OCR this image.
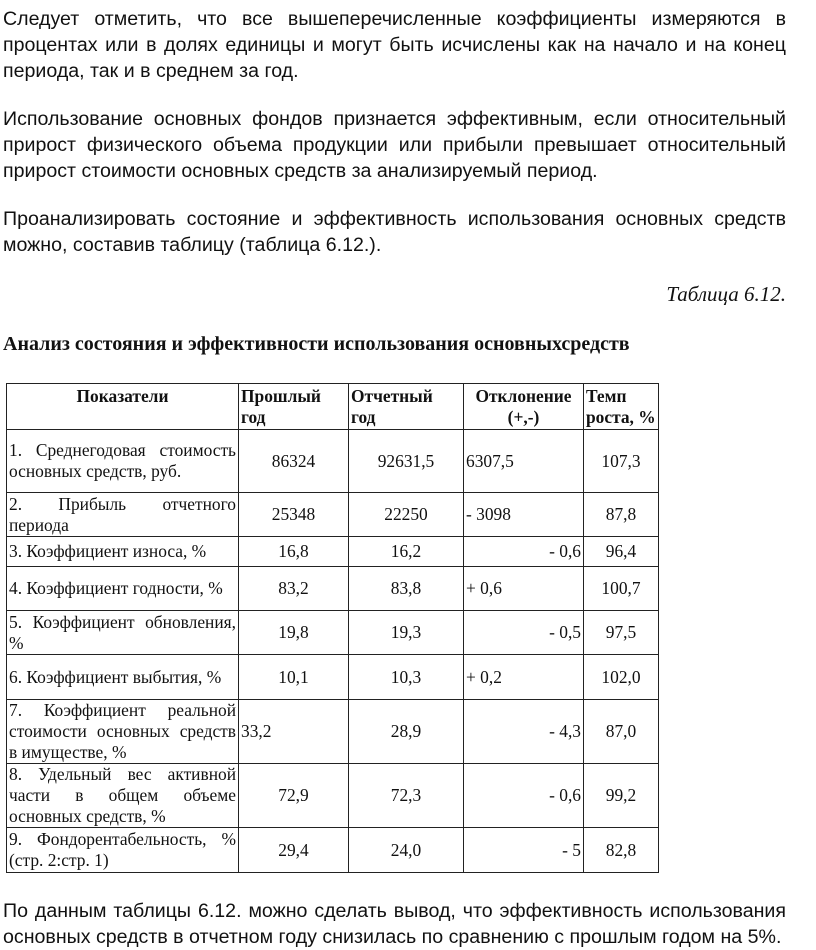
Следует отметить, что все вышеперечисленные коэффициенты измеряются в процентах или в долях единицы и могут быть исчислены как на начало и на конец периода, так и в среднем за год.

Использование основных фондов признается эффективным, если относительный прирост физического объема продукции или прибыли превышает относительный прирост стоимости основных средств за анализируемый период.

Проанализировать состояние и эффективность использования основных средств можно, составив таблицу (таблица 6.12.).

Таблица 6.12.

Анализ состояния и эффективности использования основныхсредств

Показатели	Прошлый год	Отчетный год	Отклонение (+,-)	Темп роста, %
1. Среднегодовая стоимость основных средств, руб.	86324	92631,5	6307,5	107,3
2. Прибыль отчетного периода	25348	22250	- 3098	87,8
3. Коэффициент износа, %	16,8	16,2	- 0,6	96,4
4. Коэффициент годности, %	83,2	83,8	+ 0,6	100,7
5. Коэффициент обновления, %	19,8	19,3	- 0,5	97,5
6. Коэффициент выбытия, %	10,1	10,3	+ 0,2	102,0
7. Коэффициент реальной стоимости основных средств в имуществе, %	33,2	28,9	- 4,3	87,0
8. Удельный вес активной части в общем объеме основных средств, %	72,9	72,3	- 0,6	99,2
9. Фондорентабельность, % (стр. 2:стр. 1)	29,4	24,0	- 5	82,8

По данным таблицы 6.12. можно сделать вывод, что эффективность использования основных средств в отчетном году снизилась по сравнению с прошлым годом на 5%.
